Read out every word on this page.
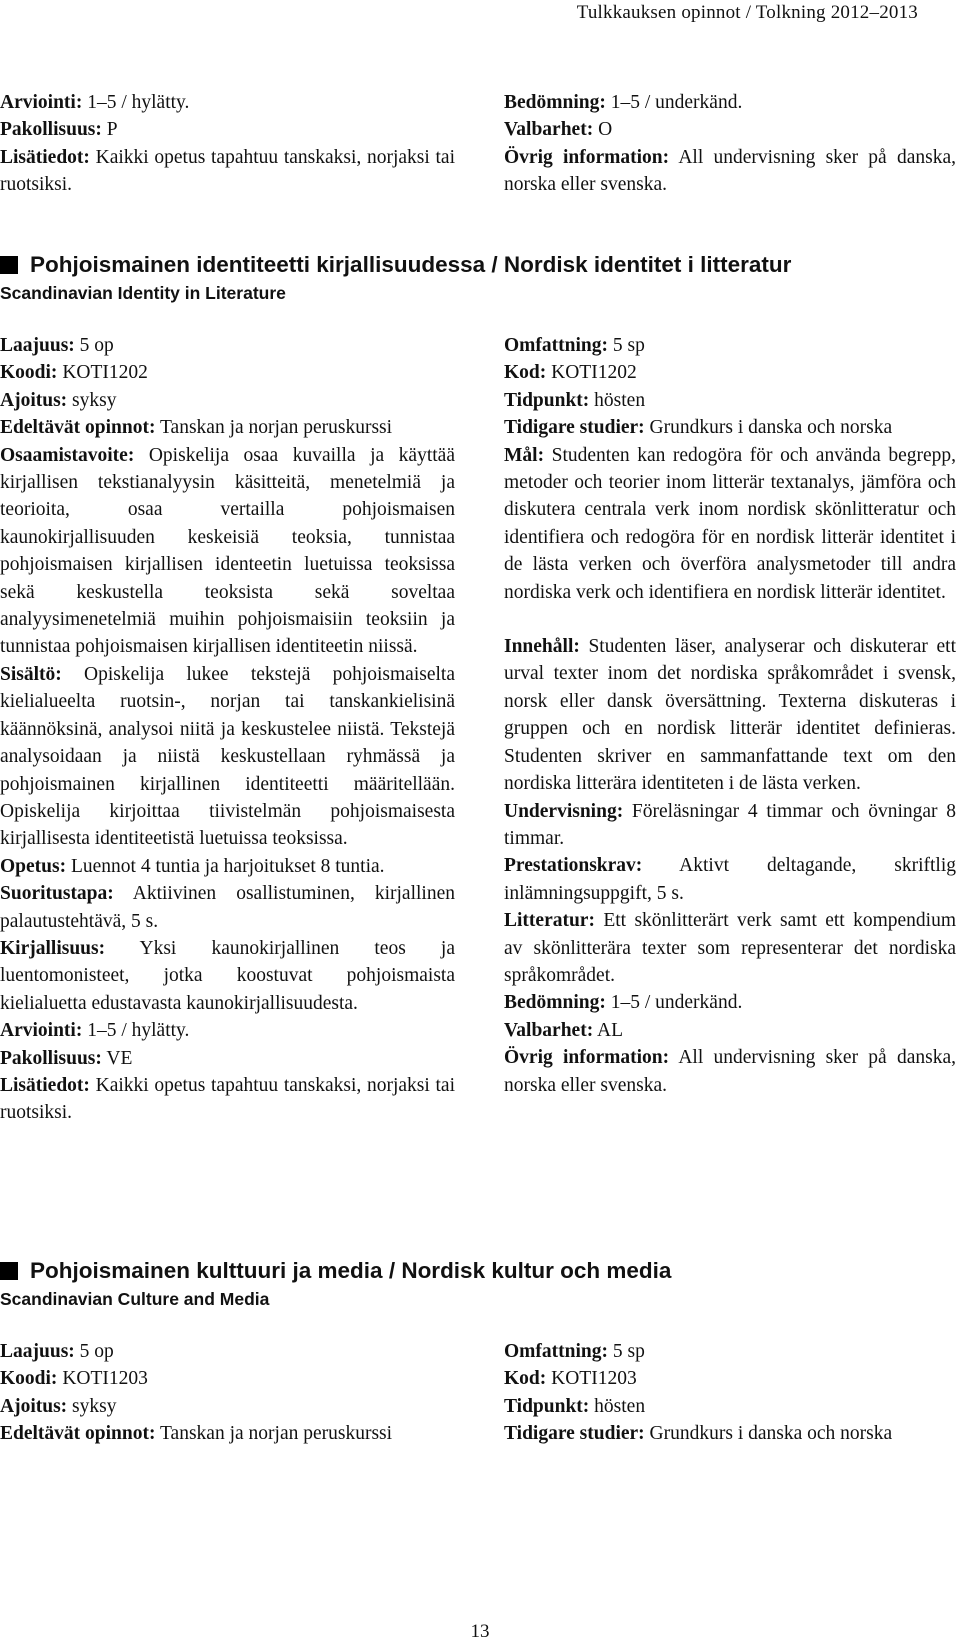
Tulkkauksen opinnot / Tolkning 2012–2013

Arviointi: 1–5 / hylätty.

Pakollisuus: P

Lisätiedot: Kaikki opetus tapahtuu tanskaksi, norjaksi tai ruotsiksi.

Bedömning: 1–5 / underkänd.

Valbarhet: O

Övrig information: All undervisning sker på danska, norska eller svenska.

Pohjoismainen identiteetti kirjallisuudessa / Nordisk identitet i litteratur
Scandinavian Identity in Literature

Laajuus: 5 op

Koodi: KOTI1202

Ajoitus: syksy

Edeltävät opinnot: Tanskan ja norjan peruskurssi

Osaamistavoite: Opiskelija osaa kuvailla ja käyttää kirjallisen tekstianalyysin käsitteitä, menetelmiä ja teorioita, osaa vertailla pohjoismaisen kaunokirjallisuuden keskeisiä teoksia, tunnistaa pohjoismaisen kirjallisen identeetin luetuissa teoksissa sekä keskustella teoksista sekä soveltaa analyysimenetelmiä muihin pohjoismaisiin teoksiin ja tunnistaa pohjoismaisen kirjallisen identiteetin niissä.

Sisältö: Opiskelija lukee tekstejä pohjoismaiselta kielialueelta ruotsin-, norjan tai tanskankielisinä käännöksinä, analysoi niitä ja keskustelee niistä. Tekstejä analysoidaan ja niistä keskustellaan ryhmässä ja pohjoismainen kirjallinen identiteetti määritellään. Opiskelija kirjoittaa tiivistelmän pohjoismaisesta kirjallisesta identiteetistä luetuissa teoksissa.

Opetus: Luennot 4 tuntia ja harjoitukset 8 tuntia.

Suoritustapa: Aktiivinen osallistuminen, kirjallinen palautustehtävä, 5 s.

Kirjallisuus: Yksi kaunokirjallinen teos ja luentomonisteet, jotka koostuvat pohjoismaista kielialuetta edustavasta kaunokirjallisuudesta.

Arviointi: 1–5 / hylätty.

Pakollisuus: VE

Lisätiedot: Kaikki opetus tapahtuu tanskaksi, norjaksi tai ruotsiksi.

Omfattning: 5 sp

Kod: KOTI1202

Tidpunkt: hösten

Tidigare studier: Grundkurs i danska och norska

Mål: Studenten kan redogöra för och använda begrepp, metoder och teorier inom litterär textanalys, jämföra och diskutera centrala verk inom nordisk skönlitteratur och identifiera och redogöra för en nordisk litterär identitet i de lästa verken och överföra analysmetoder till andra nordiska verk och identifiera en nordisk litterär identitet.

Innehåll: Studenten läser, analyserar och diskuterar ett urval texter inom det nordiska språkområdet i svensk, norsk eller dansk översättning. Texterna diskuteras i gruppen och en nordisk litterär identitet definieras. Studenten skriver en sammanfattande text om den nordiska litterära identiteten i de lästa verken.

Undervisning: Föreläsningar 4 timmar och övningar 8 timmar.

Prestationskrav: Aktivt deltagande, skriftlig inlämningsuppgift, 5 s.

Litteratur: Ett skönlitterärt verk samt ett kompendium av skönlitterära texter som representerar det nordiska språkområdet.

Bedömning: 1–5 / underkänd.

Valbarhet: AL

Övrig information: All undervisning sker på danska, norska eller svenska.

Pohjoismainen kulttuuri ja media / Nordisk kultur och media
Scandinavian Culture and Media

Laajuus: 5 op

Koodi: KOTI1203

Ajoitus: syksy

Edeltävät opinnot: Tanskan ja norjan peruskurssi

Omfattning: 5 sp

Kod: KOTI1203

Tidpunkt: hösten

Tidigare studier: Grundkurs i danska och norska

13
